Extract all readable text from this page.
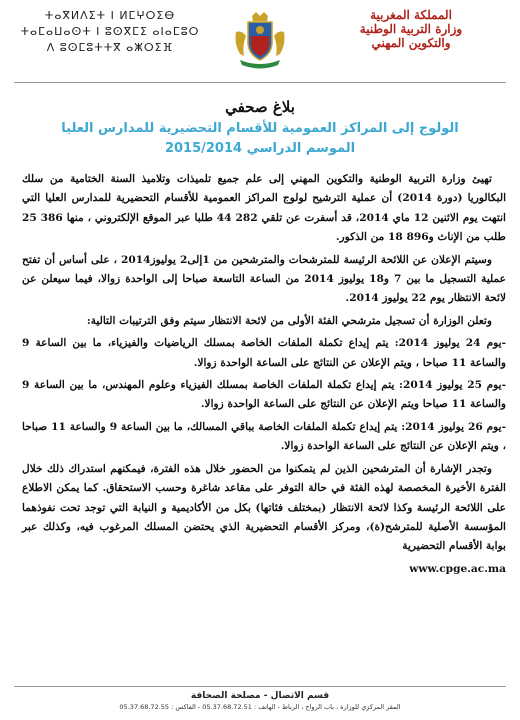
ⵜⴰⴳⵍⴷⵉⵜ ⵏ ⵍⵎⵖⵔⵉⴱ
ⵜⴰⵎⴰⵡⴰⵙⵜ ⵏ ⵓⵙⴳⵎⵉ ⴰⵏⴰⵎⵓⵔ
ⴷ ⵓⵙⵎⵓⵜⵜⴳ ⴰⵥⵔⵉⴼ
المملكة المغربية
وزارة التربية الوطنية
والتكوين المهني
بلاغ صحفي
الولوج إلى المراكز العمومية للأقسام التحضيرية للمدارس العليا
الموسم الدراسي 2015/2014

تهيئ وزارة التربية الوطنية والتكوين المهني إلى علم جميع تلميذات وتلاميذ السنة الختامية من سلك البكالوريا (دورة 2014) أن عملية الترشيح لولوج المراكز العمومية للأقسام التحضيرية للمدارس العليا التي انتهت يوم الاثنين 12 ماي 2014، قد أسفرت عن تلقي 282 44 طلبا عبر الموقع الإلكتروني ، منها 386 25 طلب من الإناث و896 18 من الذكور.

وسيتم الإعلان عن اللائحة الرئيسة للمترشحات والمترشحين من 1إلى2 يوليوز2014 ، على أساس أن تفتح عملية التسجيل ما بين 7 و18 يوليوز 2014 من الساعة التاسعة صباحا إلى الواحدة زوالا، فيما سيعلن عن لائحة الانتظار يوم 22 يوليوز 2014.

وتعلن الوزارة أن تسجيل مترشحي الفئة الأولى من لائحة الانتظار سيتم وفق الترتيبات التالية:

-يوم 24 يوليوز 2014: يتم إيداع تكملة الملفات الخاصة بمسلك الرياضيات والفيزياء، ما بين الساعة 9 والساعة 11 صباحا ، ويتم الإعلان عن النتائج على الساعة الواحدة زوالا.

-يوم 25 يوليوز 2014: يتم إيداع تكملة الملفات الخاصة بمسلك الفيزياء وعلوم المهندس، ما بين الساعة 9 والساعة 11 صباحا ويتم الإعلان عن النتائج على الساعة الواحدة زوالا.

-يوم 26 يوليوز 2014: يتم إيداع تكملة الملفات الخاصة بباقي المسالك، ما بين الساعة 9 والساعة 11 صباحا ، ويتم الإعلان عن النتائج على الساعة الواحدة زوالا.

وتجدر الإشارة أن المترشحين الذين لم يتمكنوا من الحضور خلال هذه الفترة، فيمكنهم استدراك ذلك خلال الفترة الأخيرة المخصصة لهذه الفئة في حالة التوفر على مقاعد شاغرة وحسب الاستحقاق. كما يمكن الاطلاع على اللائحة الرئيسة وكذا لائحة الانتظار (بمختلف فئاتها) بكل من الأكاديمية و النيابة التي توجد تحت نفوذهما المؤسسة الأصلية للمترشح(ة)، ومركز الأقسام التحضيرية الذي يحتضن المسلك المرغوب فيه، وكذلك عبر بوابة الأقسام التحضيرية

www.cpge.ac.ma
قسم الاتصال - مصلحة الصحافة
المقر المركزي للوزارة ، باب الرواح ، الرباط - الهاتف : 05.37.68.72.51 - الفاكس : 05.37.68.72.55
